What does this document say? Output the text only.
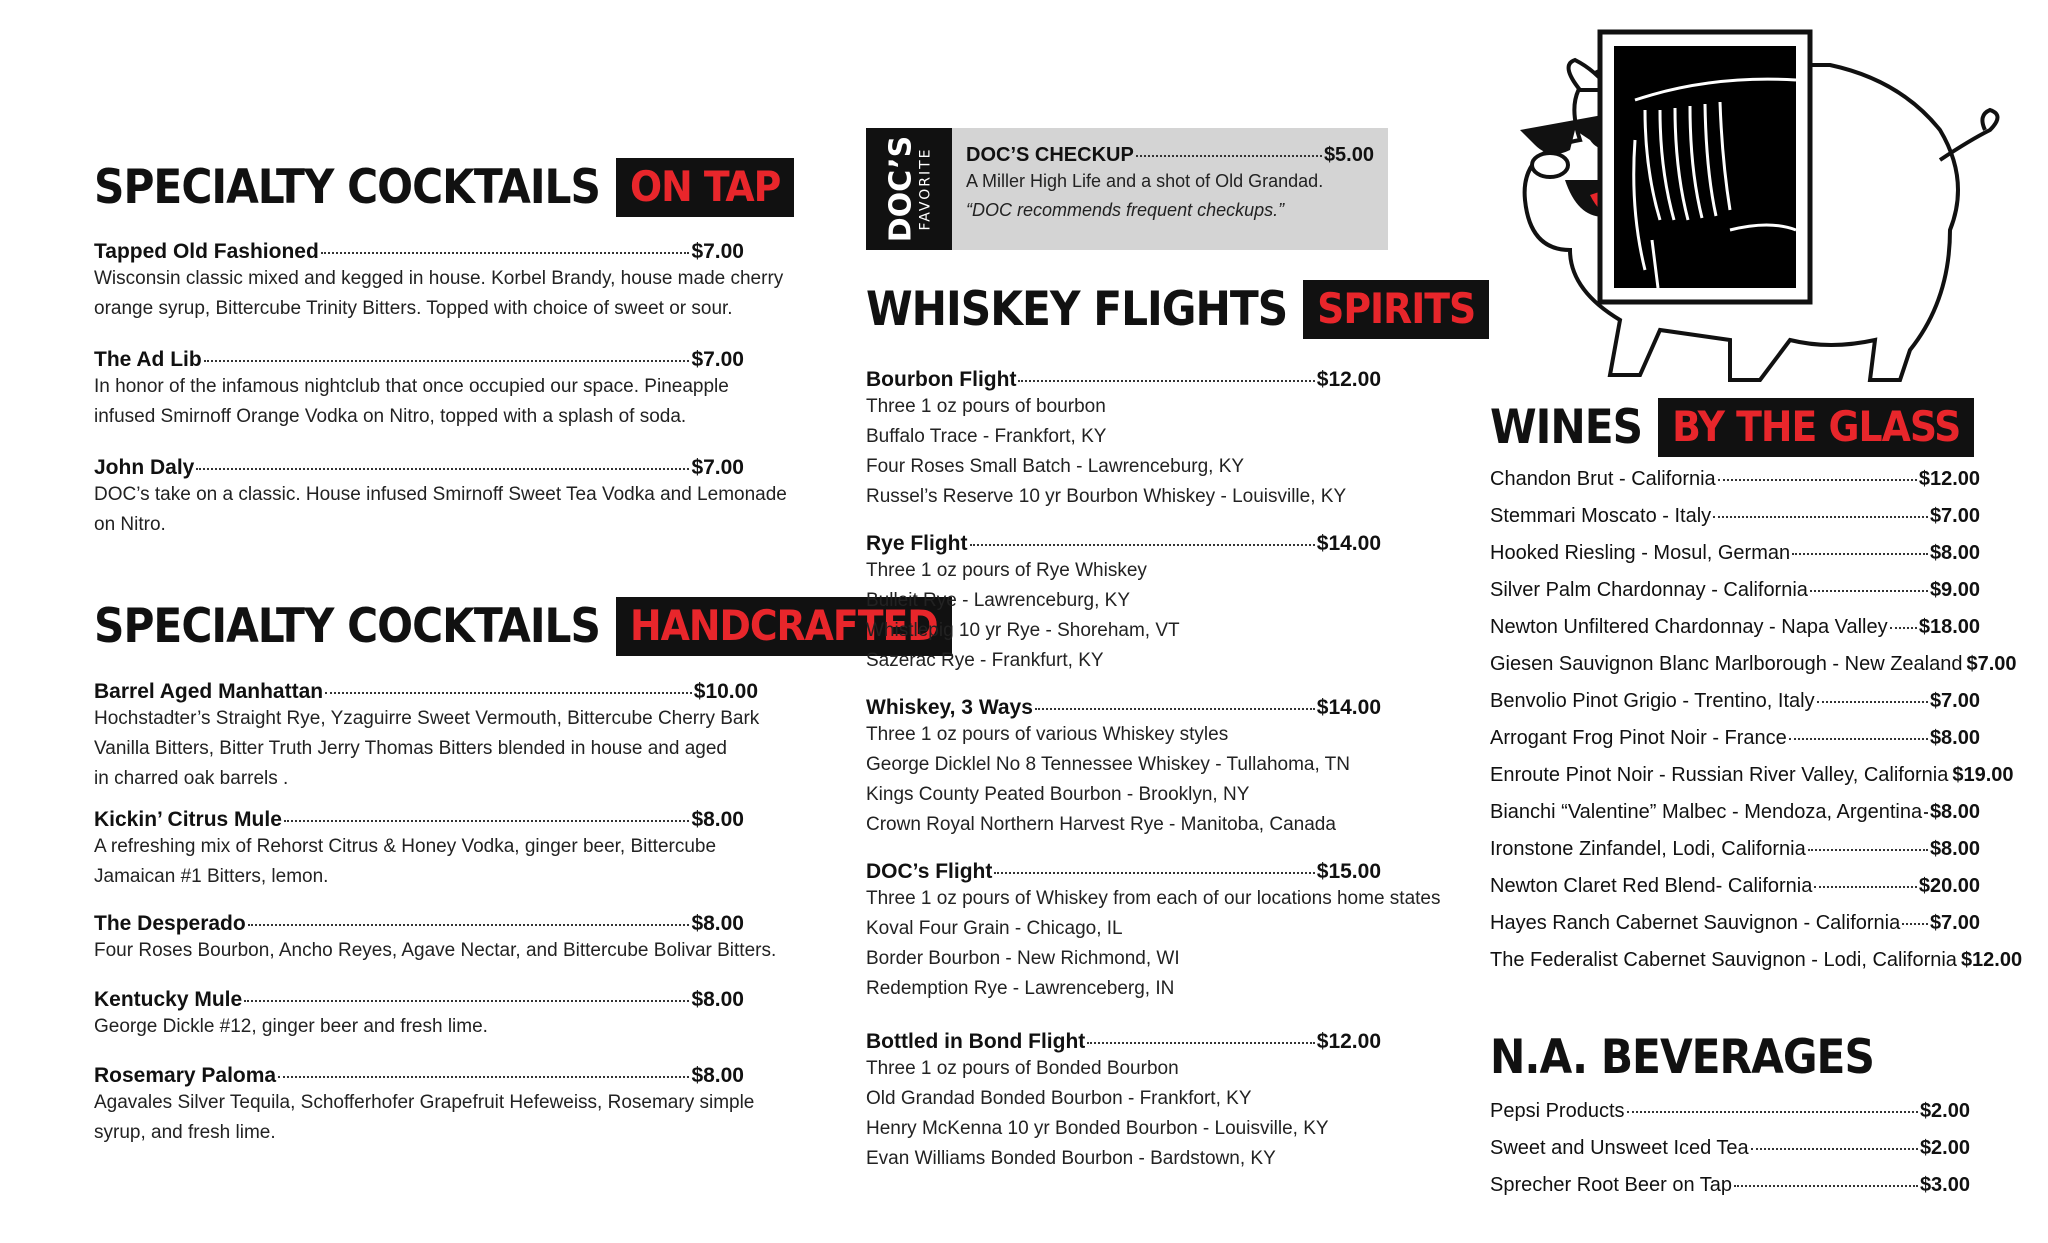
SPECIALTY COCKTAILS ON TAP
Tapped Old Fashioned	$7.00
Wisconsin classic mixed and kegged in house. Korbel Brandy, house made cherry
orange syrup, Bittercube Trinity Bitters. Topped with choice of sweet or sour.
The Ad Lib	$7.00
In honor of the infamous nightclub that once occupied our space. Pineapple
infused Smirnoff Orange Vodka on Nitro, topped with a splash of soda.
John Daly	$7.00
DOC’s take on a classic. House infused Smirnoff Sweet Tea Vodka and Lemonade
on Nitro.
SPECIALTY COCKTAILS HANDCRAFTED
Barrel Aged Manhattan	$10.00
Hochstadter’s Straight Rye, Yzaguirre Sweet Vermouth, Bittercube Cherry Bark
Vanilla Bitters, Bitter Truth Jerry Thomas Bitters blended in house and aged
in charred oak barrels .
Kickin’ Citrus Mule	$8.00
A refreshing mix of Rehorst Citrus & Honey Vodka, ginger beer, Bittercube
Jamaican #1 Bitters, lemon.
The Desperado	$8.00
Four Roses Bourbon, Ancho Reyes, Agave Nectar, and Bittercube Bolivar Bitters.
Kentucky Mule	$8.00
George Dickle #12, ginger beer and fresh lime.
Rosemary Paloma	$8.00
Agavales Silver Tequila, Schofferhofer Grapefruit Hefeweiss, Rosemary simple
syrup, and fresh lime.
DOC’S FAVORITE DOC’S CHECKUP	$5.00
A Miller High Life and a shot of Old Grandad.
“DOC recommends frequent checkups.”
WHISKEY FLIGHTS SPIRITS
Bourbon Flight	$12.00
Three 1 oz pours of bourbon
Buffalo Trace - Frankfort, KY
Four Roses Small Batch - Lawrenceburg, KY
Russel’s Reserve 10 yr Bourbon Whiskey - Louisville, KY
Rye Flight	$14.00
Three 1 oz pours of Rye Whiskey
Bulleit Rye - Lawrenceburg, KY
Whistlepig 10 yr Rye - Shoreham, VT
Sazerac Rye - Frankfurt, KY
Whiskey, 3 Ways	$14.00
Three 1 oz pours of various Whiskey styles
George Dicklel No 8 Tennessee Whiskey - Tullahoma, TN
Kings County Peated Bourbon - Brooklyn, NY
Crown Royal Northern Harvest Rye - Manitoba, Canada
DOC’s Flight	$15.00
Three 1 oz pours of Whiskey from each of our locations home states
Koval Four Grain - Chicago, IL
Border Bourbon - New Richmond, WI
Redemption Rye - Lawrenceberg, IN
Bottled in Bond Flight	$12.00
Three 1 oz pours of Bonded Bourbon
Old Grandad Bonded Bourbon - Frankfort, KY
Henry McKenna 10 yr Bonded Bourbon - Louisville, KY
Evan Williams Bonded Bourbon - Bardstown, KY
WINES BY THE GLASS
Chandon Brut - California	$12.00
Stemmari Moscato - Italy	$7.00
Hooked Riesling - Mosul, German	$8.00
Silver Palm Chardonnay - California	$9.00
Newton Unfiltered Chardonnay - Napa Valley $18.00
Giesen Sauvignon Blanc Marlborough - New Zealand $7.00
Benvolio Pinot Grigio - Trentino, Italy	$7.00
Arrogant Frog Pinot Noir - France	$8.00
Enroute Pinot Noir - Russian River Valley, California $19.00
Bianchi “Valentine” Malbec - Mendoza, Argentina $8.00
Ironstone Zinfandel, Lodi, California	$8.00
Newton Claret Red Blend- California	$20.00
Hayes Ranch Cabernet Sauvignon - California $7.00
The Federalist Cabernet Sauvignon - Lodi, California $12.00
N.A. BEVERAGES
Pepsi Products	$2.00
Sweet and Unsweet Iced Tea	$2.00
Sprecher Root Beer on Tap	$3.00
